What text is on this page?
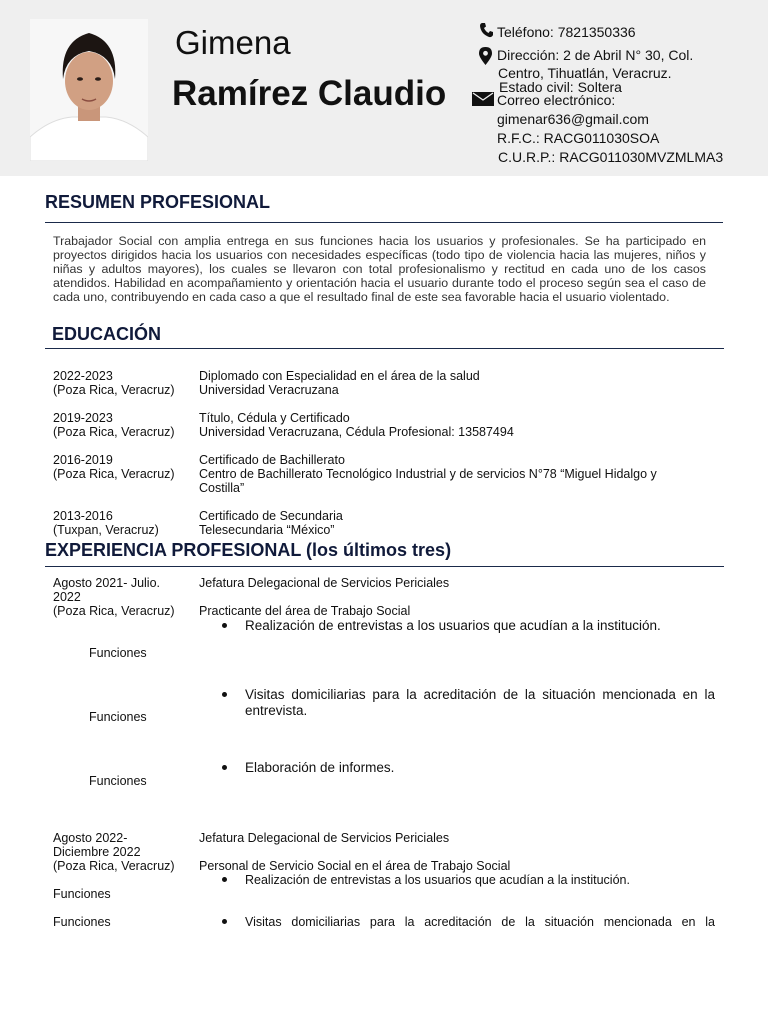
Gimena
Ramírez Claudio
Teléfono: 7821350336
Dirección: 2 de Abril N° 30, Col.
Centro, Tihuatlán, Veracruz.
Estado civil: Soltera
Correo electrónico:
gimenar636@gmail.com
R.F.C.: RACG011030SOA
C.U.R.P.: RACG011030MVZMLMA3
RESUMEN PROFESIONAL
Trabajador Social con amplia entrega en sus funciones hacia los usuarios y profesionales. Se ha participado en proyectos dirigidos hacia los usuarios con necesidades específicas (todo tipo de violencia hacia las mujeres, niños y niñas y adultos mayores), los cuales se llevaron con total profesionalismo y rectitud en cada uno de los casos atendidos. Habilidad en acompañamiento y orientación hacia el usuario durante todo el proceso según sea el caso de cada uno, contribuyendo en cada caso a que el resultado final de este sea favorable hacia el usuario violentado.
EDUCACIÓN
2022-2023
(Poza Rica, Veracruz)
Diplomado con Especialidad en el área de la salud
Universidad Veracruzana
2019-2023
(Poza Rica, Veracruz)
Título, Cédula y Certificado
Universidad Veracruzana, Cédula Profesional: 13587494
2016-2019
(Poza Rica, Veracruz)
Certificado de Bachillerato
Centro de Bachillerato Tecnológico Industrial y de servicios N°78 “Miguel Hidalgo y Costilla”
2013-2016
(Tuxpan, Veracruz)
Certificado de Secundaria
Telesecundaria “México”
EXPERIENCIA PROFESIONAL (los últimos tres)
Agosto 2021- Julio.
2022
(Poza Rica, Veracruz)
Jefatura Delegacional de Servicios Periciales
Practicante del área de Trabajo Social
Realización de entrevistas a los usuarios que acudían a la institución.
Funciones
Visitas domiciliarias para la acreditación de la situación mencionada en la entrevista.
Funciones
Elaboración de informes.
Funciones
Agosto 2022-
Diciembre 2022
(Poza Rica, Veracruz)
Jefatura Delegacional de Servicios Periciales
Personal de Servicio Social en el área de Trabajo Social
Realización de entrevistas a los usuarios que acudían a la institución.
Funciones
Funciones	Visitas domiciliarias para la acreditación de la situación mencionada en la
